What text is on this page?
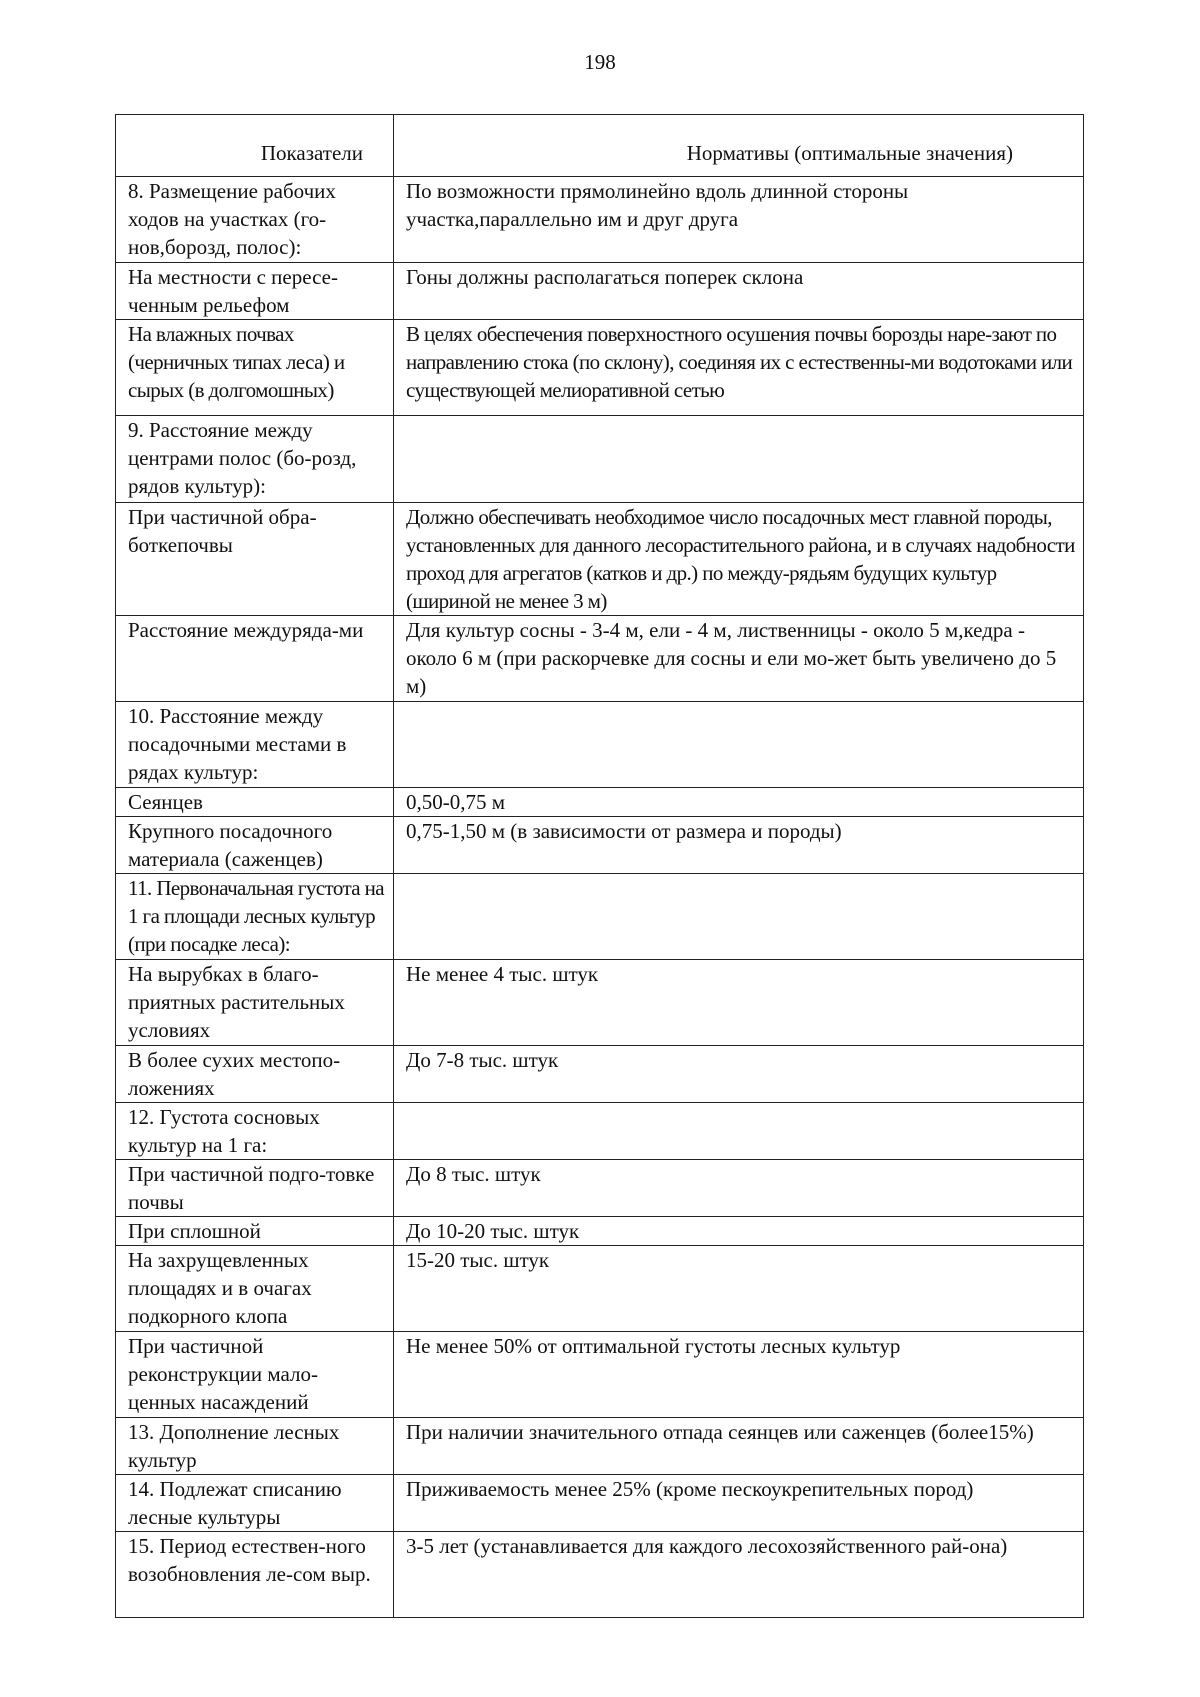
198
Показатели	Нормативы (оптимальные значения)
8. Размещение рабочих ходов на участках (го-нов,борозд, полос):	По возможности прямолинейно вдоль длинной стороны участка,параллельно им и друг друга
На местности с пересе-ченным рельефом	Гоны должны располагаться поперек склона
На влажных почвах (черничных типах леса) и сырых (в долгомошных)	В целях обеспечения поверхностного осушения почвы борозды наре-зают по направлению стока (по склону), соединяя их с естественны-ми водотоками или существующей мелиоративной сетью
9. Расстояние между центрами полос (бо-розд, рядов культур):	
При частичной обра-боткепочвы	Должно обеспечивать необходимое число посадочных мест главной породы, установленных для данного лесорастительного района, и в случаях надобности проход для агрегатов (катков и др.) по между-рядьям будущих культур (шириной не менее 3 м)
Расстояние междуряда-ми	Для культур сосны - 3-4 м, ели - 4 м, лиственницы - около 5 м,кедра - около 6 м (при раскорчевке для сосны и ели мо-жет быть увеличено до 5 м)
10. Расстояние между посадочными местами в рядах культур:	
Сеянцев	0,50-0,75 м
Крупного посадочного материала (саженцев)	0,75-1,50 м (в зависимости от размера и породы)
11. Первоначальная густота на 1 га площади лесных культур (при посадке леса):	
На вырубках в благо-приятных растительных условиях	Не менее 4 тыс. штук
В более сухих местопо-ложениях	До 7-8 тыс. штук
12. Густота сосновых культур на 1 га:	
При частичной подго-товке почвы	До 8 тыс. штук
При сплошной	До 10-20 тыс. штук
На захрущевленных площадях и в очагах подкорного клопа	15-20 тыс. штук
При частичной реконструкции мало-ценных насаждений	Не менее 50% от оптимальной густоты лесных культур
13. Дополнение лесных культур	При наличии значительного отпада сеянцев или саженцев (более15%)
14. Подлежат списанию лесные культуры	Приживаемость менее 25% (кроме пескоукрепительных пород)
15. Период естествен-ного возобновления ле-сом выр.	3-5 лет (устанавливается для каждого лесохозяйственного рай-она)
